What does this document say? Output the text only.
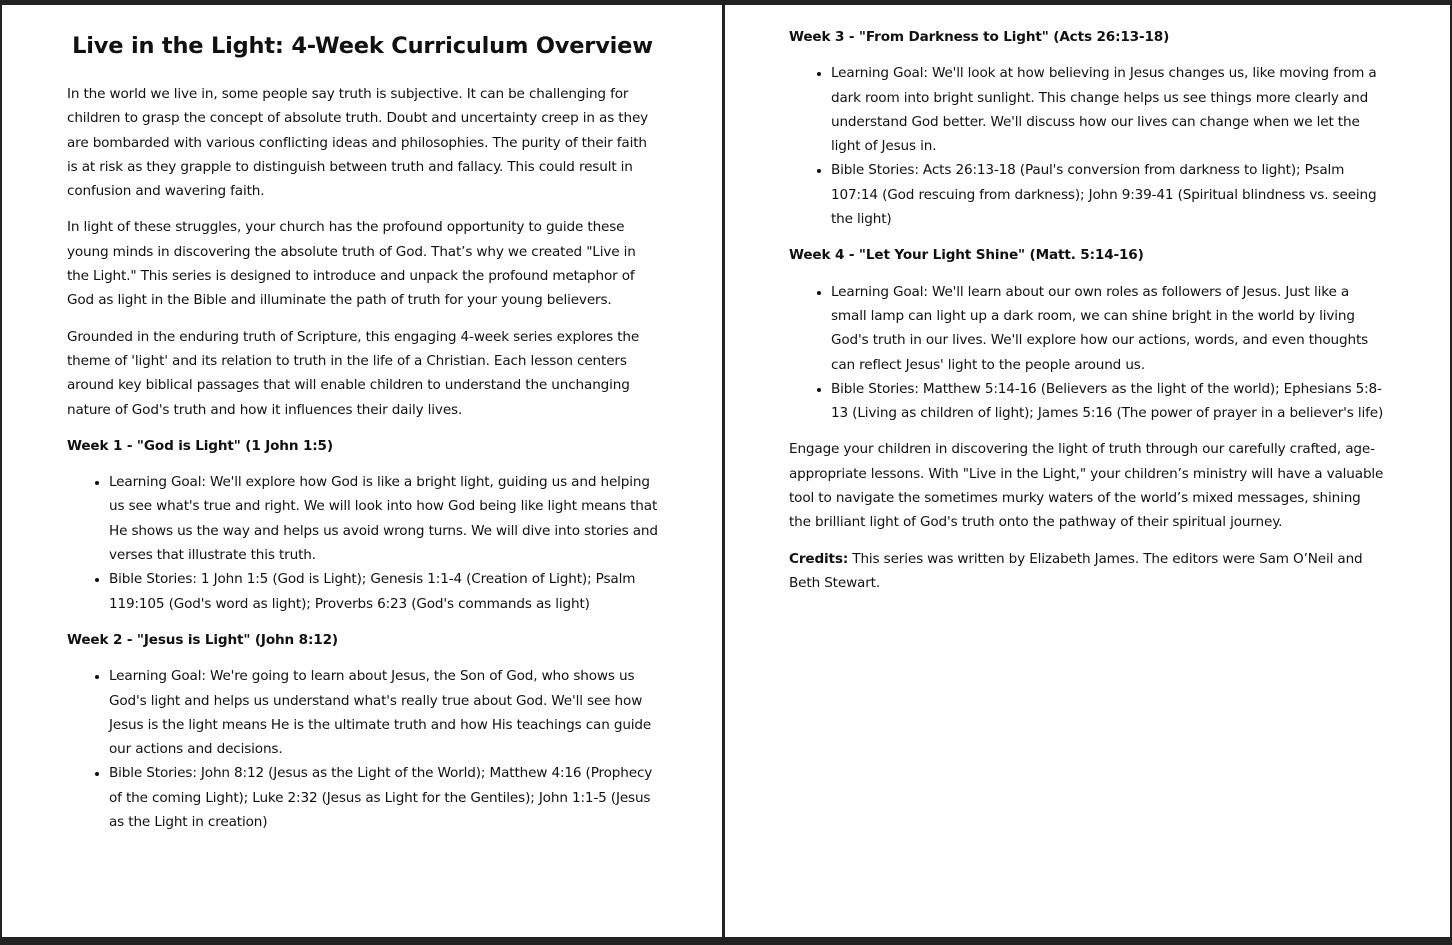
Live in the Light: 4-Week Curriculum Overview

In the world we live in, some people say truth is subjective. It can be challenging for children to grasp the concept of absolute truth. Doubt and uncertainty creep in as they are bombarded with various conflicting ideas and philosophies. The purity of their faith is at risk as they grapple to distinguish between truth and fallacy. This could result in confusion and wavering faith.

In light of these struggles, your church has the profound opportunity to guide these young minds in discovering the absolute truth of God. That’s why we created "Live in the Light." This series is designed to introduce and unpack the profound metaphor of God as light in the Bible and illuminate the path of truth for your young believers.

Grounded in the enduring truth of Scripture, this engaging 4-week series explores the theme of 'light' and its relation to truth in the life of a Christian. Each lesson centers around key biblical passages that will enable children to understand the unchanging nature of God's truth and how it influences their daily lives.

Week 1 - "God is Light" (1 John 1:5)
• Learning Goal: We'll explore how God is like a bright light, guiding us and helping us see what's true and right. We will look into how God being like light means that He shows us the way and helps us avoid wrong turns. We will dive into stories and verses that illustrate this truth.
• Bible Stories: 1 John 1:5 (God is Light); Genesis 1:1-4 (Creation of Light); Psalm 119:105 (God's word as light); Proverbs 6:23 (God's commands as light)
Week 2 - "Jesus is Light" (John 8:12)
• Learning Goal: We're going to learn about Jesus, the Son of God, who shows us God's light and helps us understand what's really true about God. We'll see how Jesus is the light means He is the ultimate truth and how His teachings can guide our actions and decisions.
• Bible Stories: John 8:12 (Jesus as the Light of the World); Matthew 4:16 (Prophecy of the coming Light); Luke 2:32 (Jesus as Light for the Gentiles); John 1:1-5 (Jesus as the Light in creation)
Week 3 - "From Darkness to Light" (Acts 26:13-18)
• Learning Goal: We'll look at how believing in Jesus changes us, like moving from a dark room into bright sunlight. This change helps us see things more clearly and understand God better. We'll discuss how our lives can change when we let the light of Jesus in.
• Bible Stories: Acts 26:13-18 (Paul's conversion from darkness to light); Psalm 107:14 (God rescuing from darkness); John 9:39-41 (Spiritual blindness vs. seeing the light)
Week 4 - "Let Your Light Shine" (Matt. 5:14-16)
• Learning Goal: We'll learn about our own roles as followers of Jesus. Just like a small lamp can light up a dark room, we can shine bright in the world by living God's truth in our lives. We'll explore how our actions, words, and even thoughts can reflect Jesus' light to the people around us.
• Bible Stories: Matthew 5:14-16 (Believers as the light of the world); Ephesians 5:8-13 (Living as children of light); James 5:16 (The power of prayer in a believer's life)

Engage your children in discovering the light of truth through our carefully crafted, age-appropriate lessons. With "Live in the Light," your children’s ministry will have a valuable tool to navigate the sometimes murky waters of the world’s mixed messages, shining the brilliant light of God's truth onto the pathway of their spiritual journey.

Credits: This series was written by Elizabeth James. The editors were Sam O’Neil and Beth Stewart.
